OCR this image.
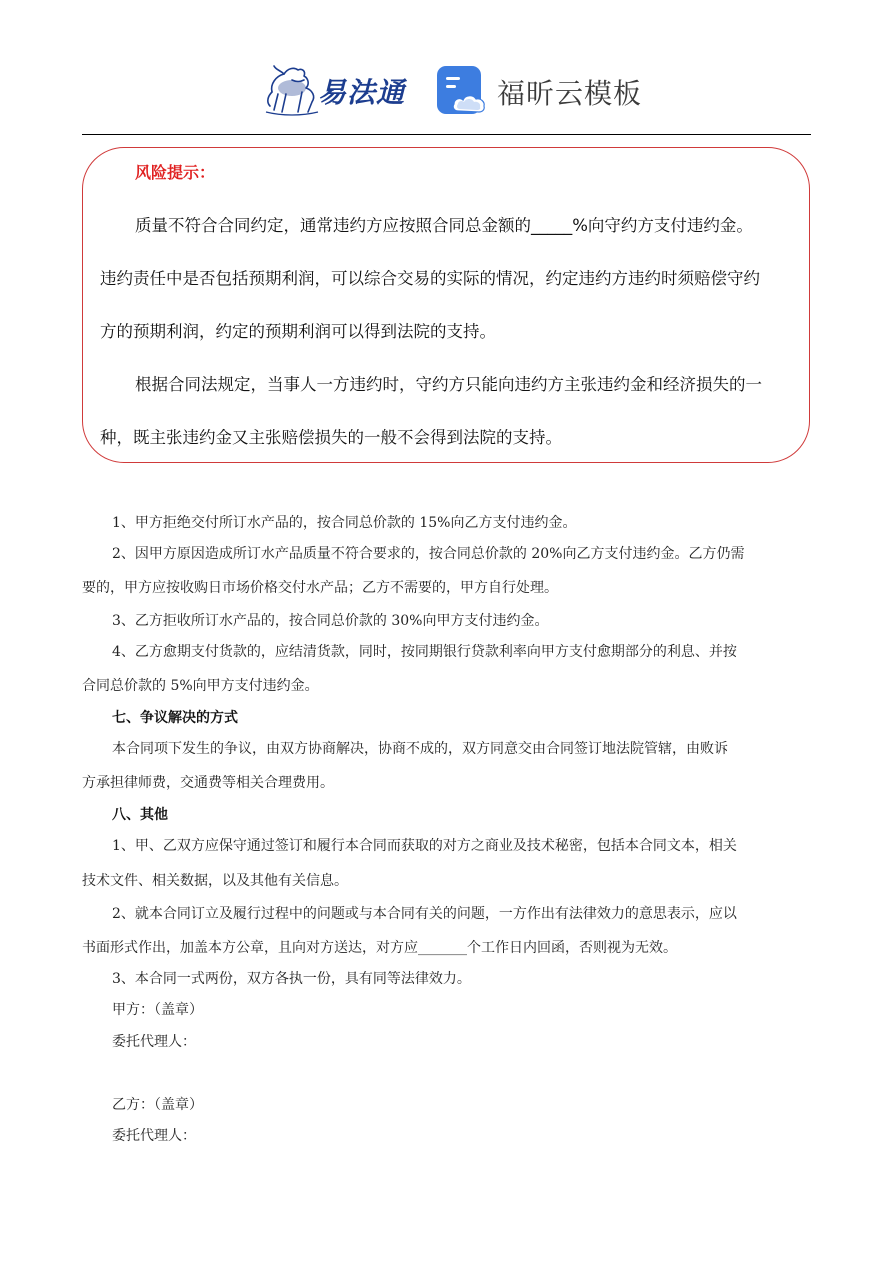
易法通	福昕云模板
风险提示：
质量不符合合同约定，通常违约方应按照合同总金额的_____%向守约方支付违约金。
违约责任中是否包括预期利润，可以综合交易的实际的情况，约定违约方违约时须赔偿守约
方的预期利润，约定的预期利润可以得到法院的支持。
根据合同法规定，当事人一方违约时，守约方只能向违约方主张违约金和经济损失的一
种，既主张违约金又主张赔偿损失的一般不会得到法院的支持。
1、甲方拒绝交付所订水产品的，按合同总价款的 15%向乙方支付违约金。
2、因甲方原因造成所订水产品质量不符合要求的，按合同总价款的 20%向乙方支付违约金。乙方仍需
要的，甲方应按收购日市场价格交付水产品；乙方不需要的，甲方自行处理。
3、乙方拒收所订水产品的，按合同总价款的 30%向甲方支付违约金。
4、乙方愈期支付货款的，应结清货款，同时，按同期银行贷款利率向甲方支付愈期部分的利息、并按
合同总价款的 5%向甲方支付违约金。
七、争议解决的方式
本合同项下发生的争议，由双方协商解决，协商不成的，双方同意交由合同签订地法院管辖，由败诉
方承担律师费，交通费等相关合理费用。
八、其他
1、甲、乙双方应保守通过签订和履行本合同而获取的对方之商业及技术秘密，包括本合同文本，相关
技术文件、相关数据，以及其他有关信息。
2、就本合同订立及履行过程中的问题或与本合同有关的问题，一方作出有法律效力的意思表示，应以
书面形式作出，加盖本方公章，且向对方送达，对方应_______个工作日内回函，否则视为无效。
3、本合同一式两份，双方各执一份，具有同等法律效力。
甲方：（盖章）
委托代理人：
乙方：（盖章）
委托代理人：
